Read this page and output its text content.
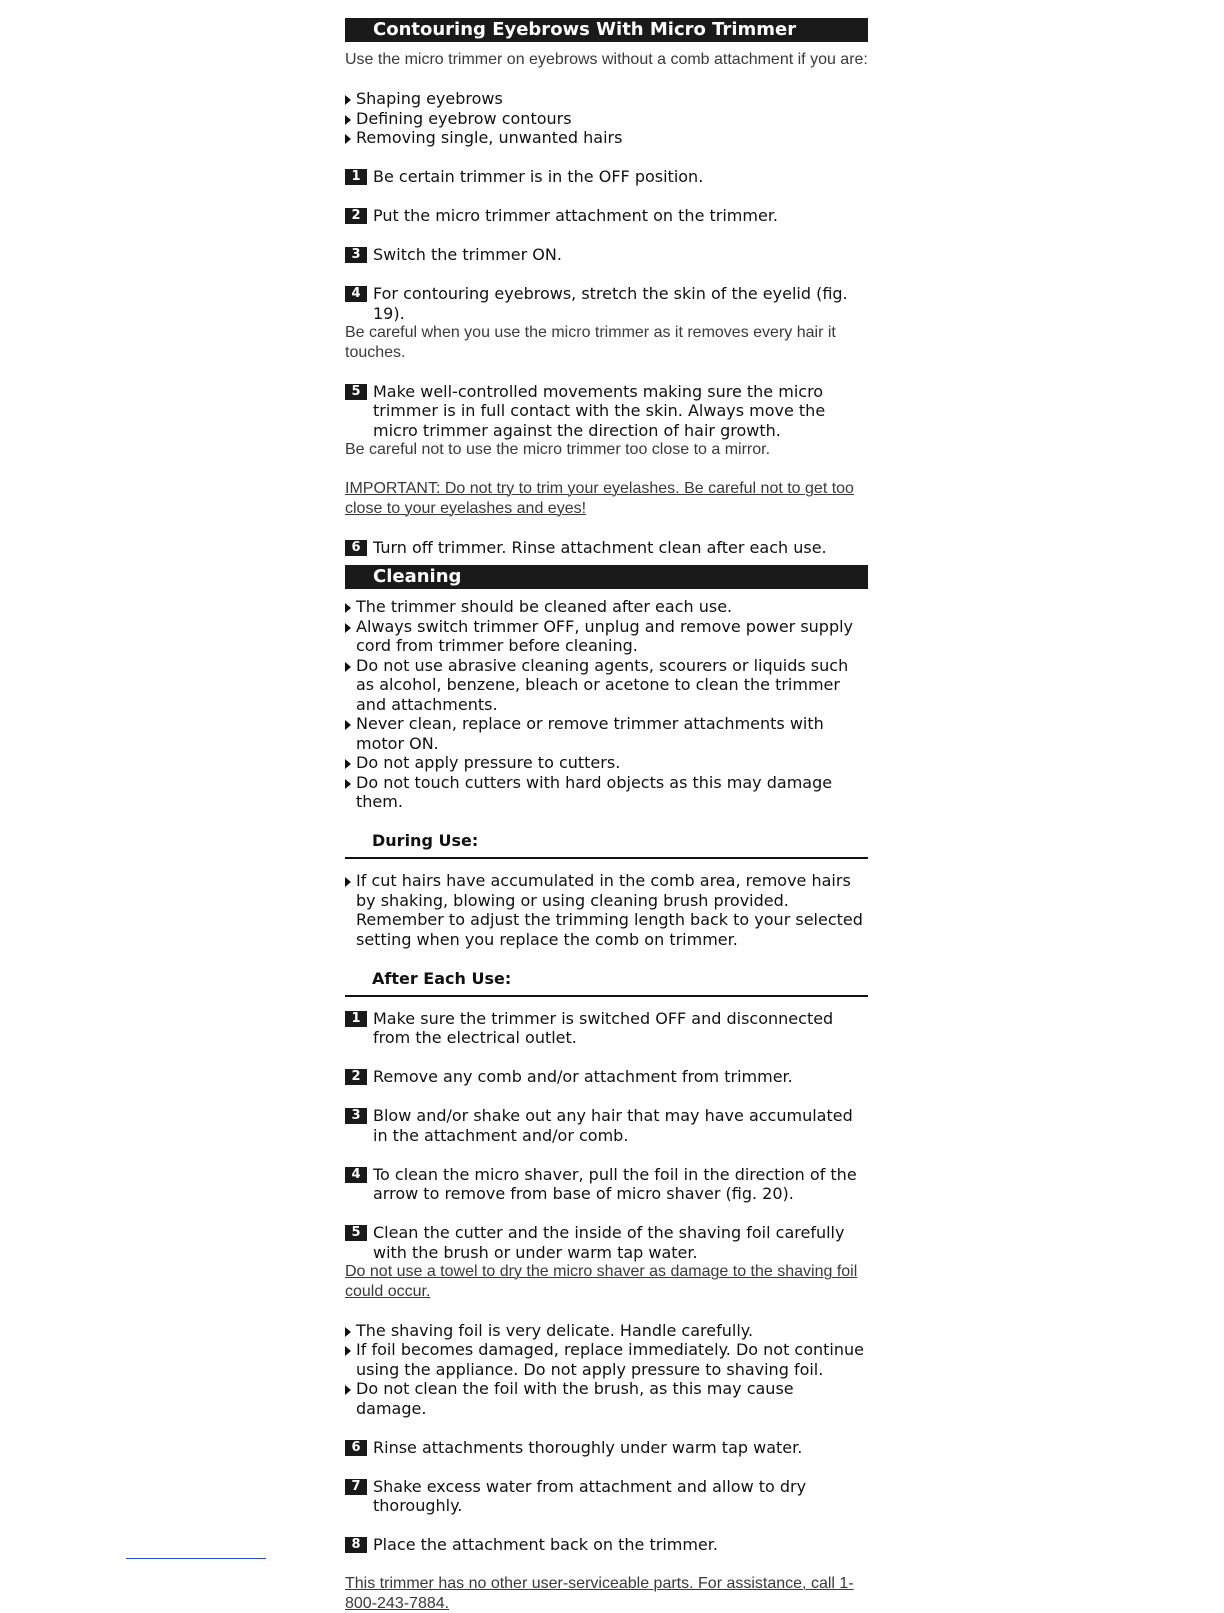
Contouring Eyebrows With Micro Trimmer

Use the micro trimmer on eyebrows without a comb attachment if you are:

Shaping eyebrows
Defining eyebrow contours
Removing single, unwanted hairs

1 Be certain trimmer is in the OFF position.

2 Put the micro trimmer attachment on the trimmer.

3 Switch the trimmer ON.

4 For contouring eyebrows, stretch the skin of the eyelid (fig. 19).

Be careful when you use the micro trimmer as it removes every hair it touches.

5 Make well-controlled movements making sure the micro trimmer is in full contact with the skin. Always move the micro trimmer against the direction of hair growth.

Be careful not to use the micro trimmer too close to a mirror.

IMPORTANT: Do not try to trim your eyelashes. Be careful not to get too close to your eyelashes and eyes!

6 Turn off trimmer. Rinse attachment clean after each use.

Cleaning
The trimmer should be cleaned after each use.
Always switch trimmer OFF, unplug and remove power supply cord from trimmer before cleaning.
Do not use abrasive cleaning agents, scourers or liquids such as alcohol, benzene, bleach or acetone to clean the trimmer and attachments.
Never clean, replace or remove trimmer attachments with motor ON.
Do not apply pressure to cutters.
Do not touch cutters with hard objects as this may damage them.
During Use:
If cut hairs have accumulated in the comb area, remove hairs by shaking, blowing or using cleaning brush provided. Remember to adjust the trimming length back to your selected setting when you replace the comb on trimmer.
After Each Use:

1 Make sure the trimmer is switched OFF and disconnected from the electrical outlet.

2 Remove any comb and/or attachment from trimmer.

3 Blow and/or shake out any hair that may have accumulated in the attachment and/or comb.

4 To clean the micro shaver, pull the foil in the direction of the arrow to remove from base of micro shaver (fig. 20).

5 Clean the cutter and the inside of the shaving foil carefully with the brush or under warm tap water.

Do not use a towel to dry the micro shaver as damage to the shaving foil could occur.

The shaving foil is very delicate. Handle carefully.
If foil becomes damaged, replace immediately. Do not continue using the appliance. Do not apply pressure to shaving foil.
Do not clean the foil with the brush, as this may cause damage.

6 Rinse attachments thoroughly under warm tap water.

7 Shake excess water from attachment and allow to dry thoroughly.

8 Place the attachment back on the trimmer.

This trimmer has no other user-serviceable parts. For assistance, call 1-800-243-7884.
